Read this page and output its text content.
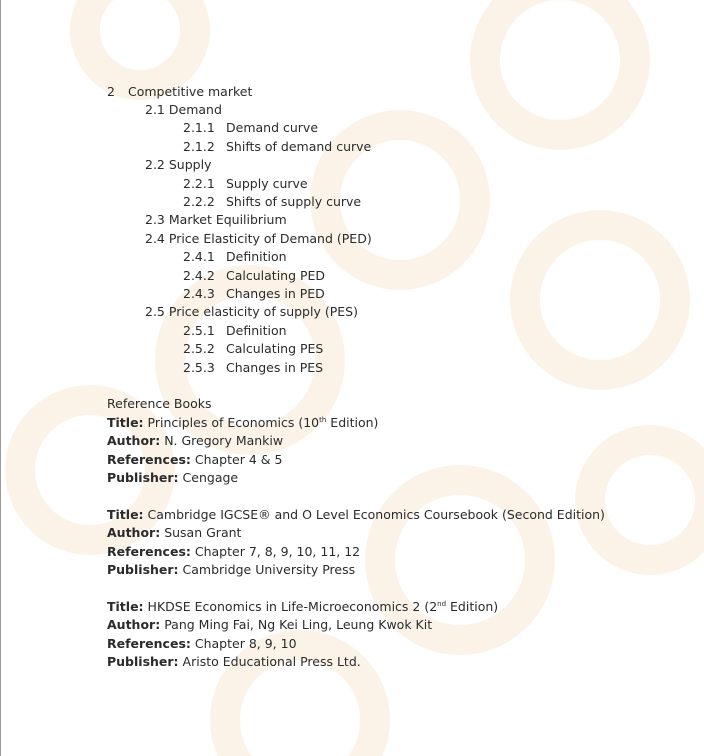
2 Competitive market
2.1 Demand
2.1.1 Demand curve
2.1.2 Shifts of demand curve
2.2 Supply
2.2.1 Supply curve
2.2.2 Shifts of supply curve
2.3 Market Equilibrium
2.4 Price Elasticity of Demand (PED)
2.4.1 Definition
2.4.2 Calculating PED
2.4.3 Changes in PED
2.5 Price elasticity of supply (PES)
2.5.1 Definition
2.5.2 Calculating PES
2.5.3 Changes in PES
Reference Books
Title: Principles of Economics (10th Edition)
Author: N. Gregory Mankiw
References: Chapter 4 & 5
Publisher: Cengage
Title: Cambridge IGCSE® and O Level Economics Coursebook (Second Edition)
Author: Susan Grant
References: Chapter 7, 8, 9, 10, 11, 12
Publisher: Cambridge University Press
Title: HKDSE Economics in Life-Microeconomics 2 (2nd Edition)
Author: Pang Ming Fai, Ng Kei Ling, Leung Kwok Kit
References: Chapter 8, 9, 10
Publisher: Aristo Educational Press Ltd.
